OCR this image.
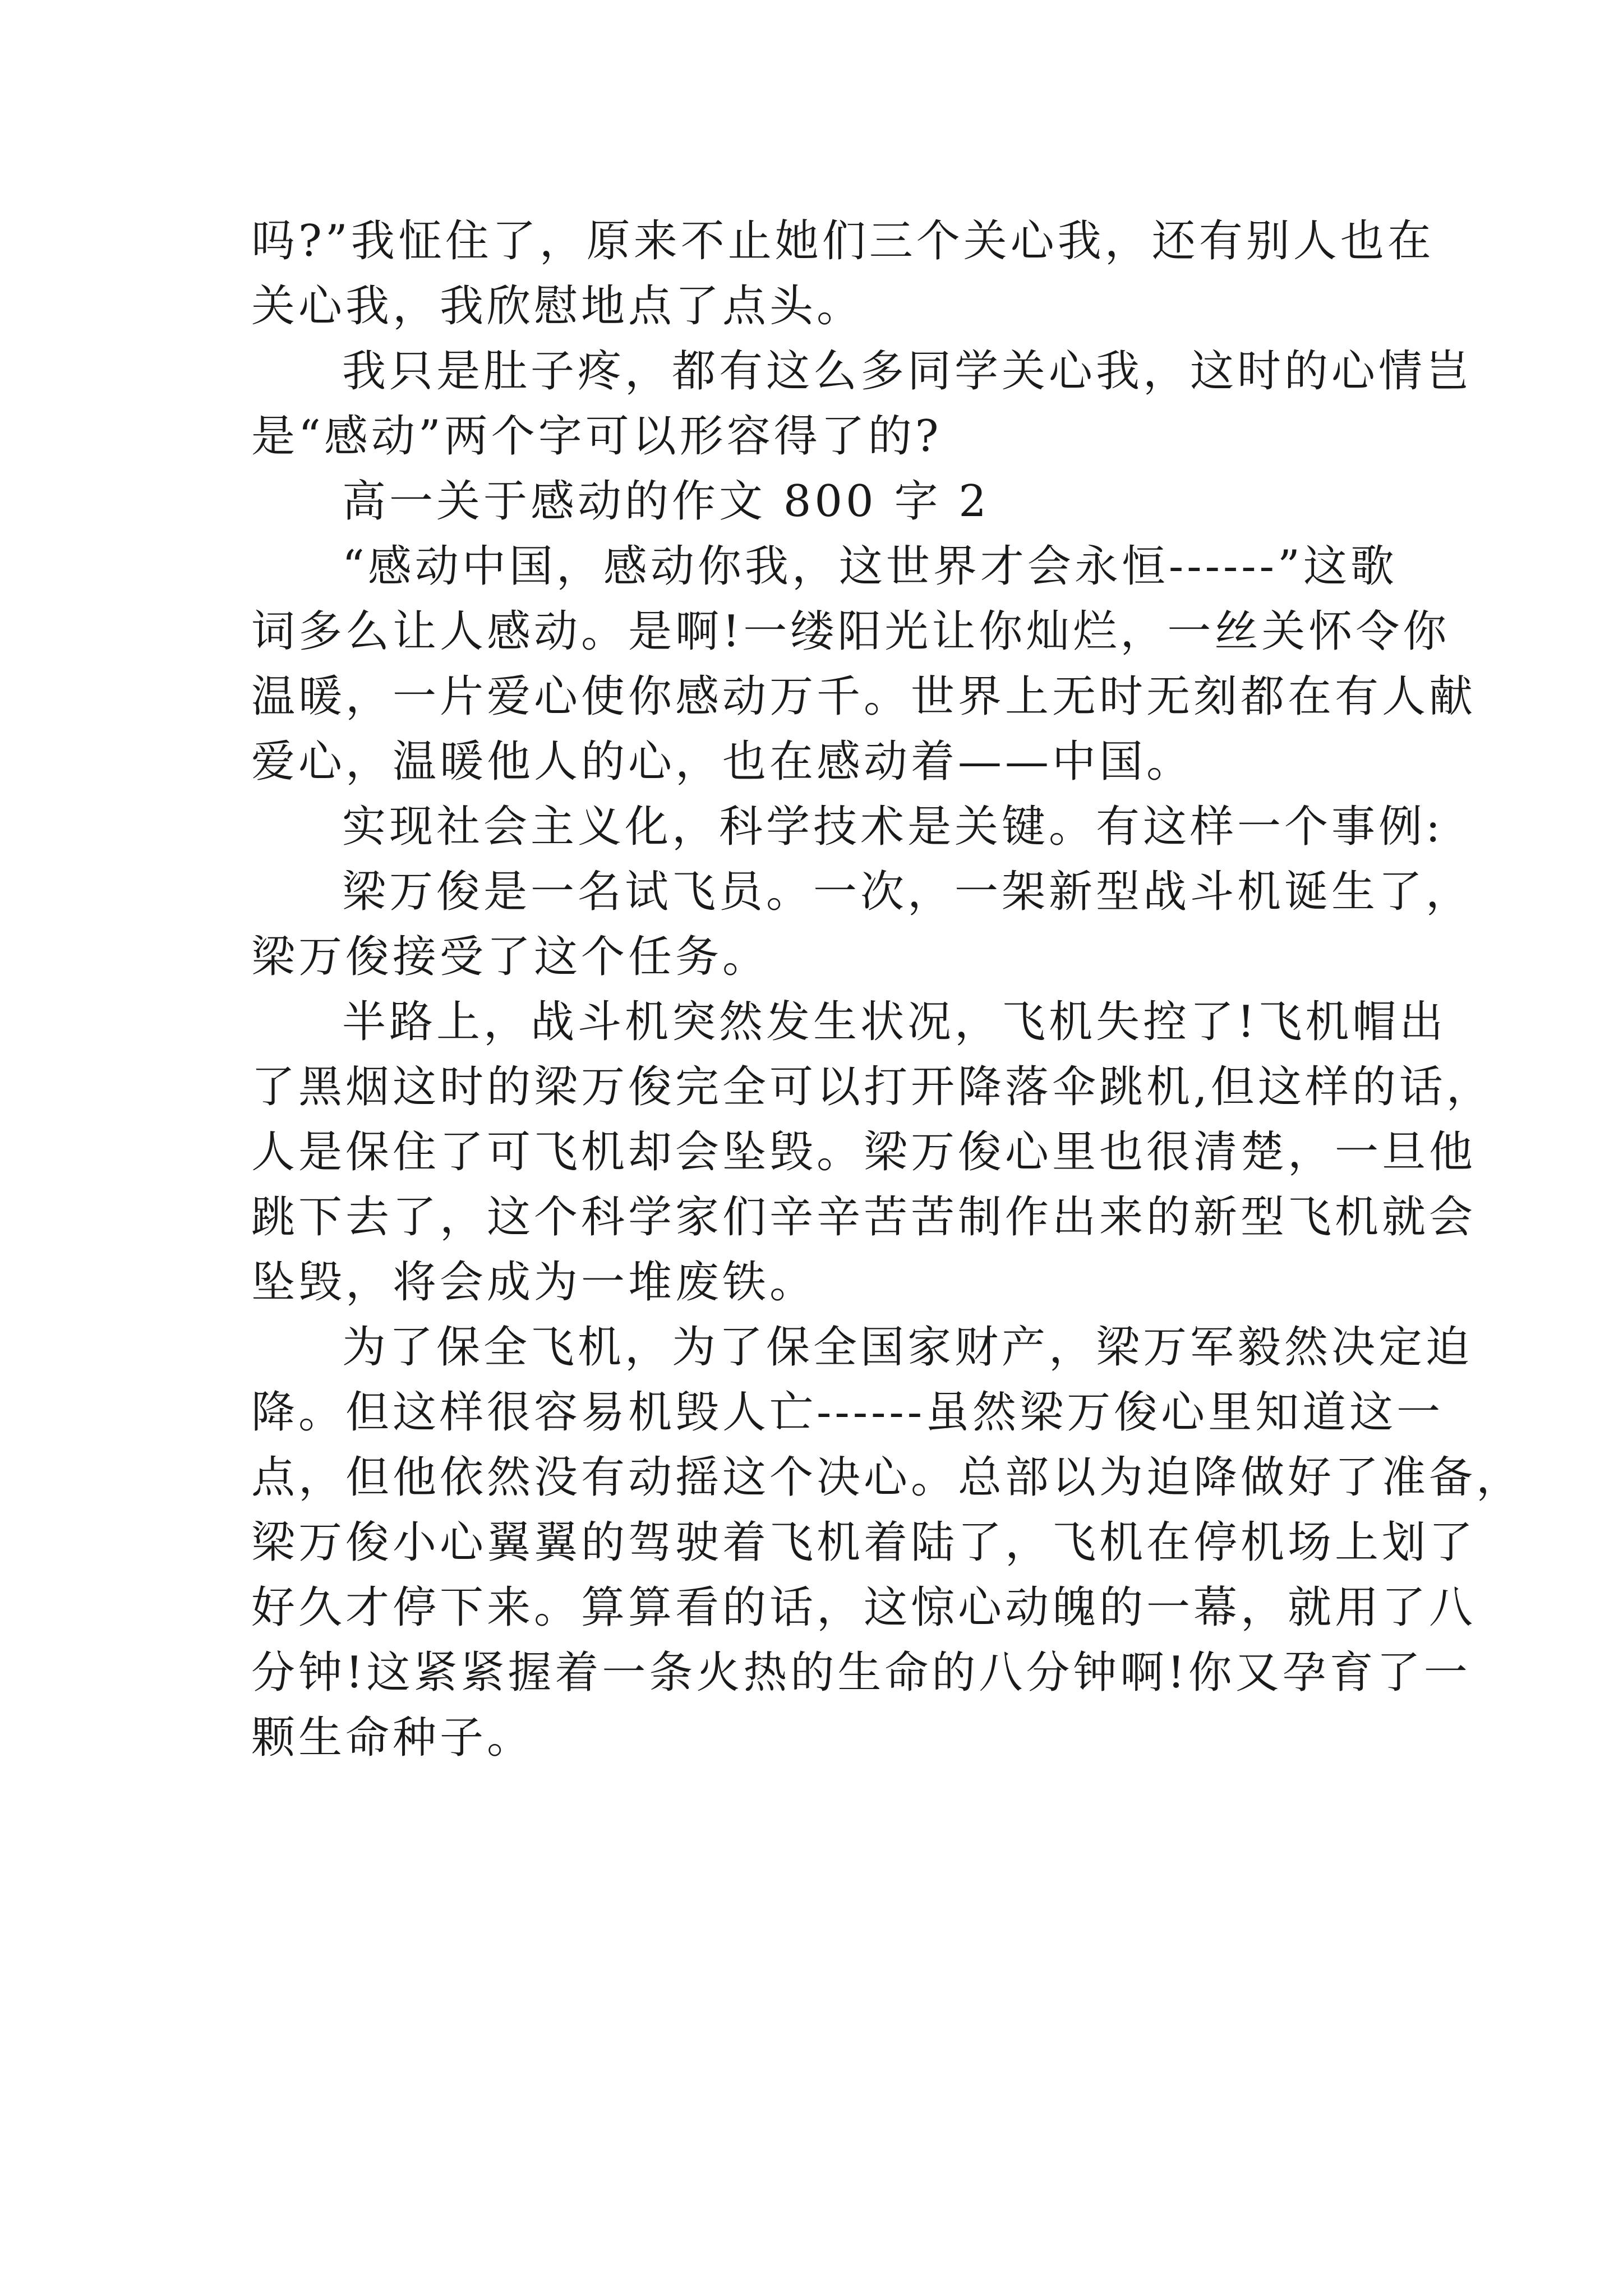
吗?”我怔住了，原来不止她们三个关心我，还有别人也在
关心我，我欣慰地点了点头。
我只是肚子疼，都有这么多同学关心我，这时的心情岂
是“感动”两个字可以形容得了的?
高一关于感动的作文 800 字 2
“感动中国，感动你我，这世界才会永恒------”这歌
词多么让人感动。是啊!一缕阳光让你灿烂，一丝关怀令你
温暖，一片爱心使你感动万千。世界上无时无刻都在有人献
爱心，温暖他人的心，也在感动着——中国。
实现社会主义化，科学技术是关键。有这样一个事例:
梁万俊是一名试飞员。一次，一架新型战斗机诞生了，
梁万俊接受了这个任务。
半路上，战斗机突然发生状况，飞机失控了!飞机帽出
了黑烟这时的梁万俊完全可以打开降落伞跳机,但这样的话，
人是保住了可飞机却会坠毁。梁万俊心里也很清楚，一旦他
跳下去了，这个科学家们辛辛苦苦制作出来的新型飞机就会
坠毁，将会成为一堆废铁。
为了保全飞机，为了保全国家财产，梁万军毅然决定迫
降。但这样很容易机毁人亡------虽然梁万俊心里知道这一
点，但他依然没有动摇这个决心。总部以为迫降做好了准备，
梁万俊小心翼翼的驾驶着飞机着陆了，飞机在停机场上划了
好久才停下来。算算看的话，这惊心动魄的一幕，就用了八
分钟!这紧紧握着一条火热的生命的八分钟啊!你又孕育了一
颗生命种子。
